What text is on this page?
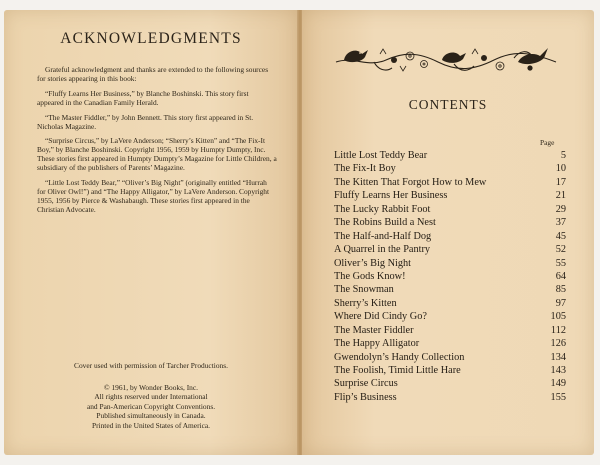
ACKNOWLEDGMENTS

Grateful acknowledgment and thanks are extended to the following sources for stories appearing in this book:

“Fluffy Learns Her Business,” by Blanche Boshinski. This story first appeared in the Canadian Family Herald.

“The Master Fiddler,” by John Bennett. This story first appeared in St. Nicholas Magazine.

“Surprise Circus,” by LaVere Anderson; “Sherry’s Kitten” and “The Fix-It Boy,” by Blanche Boshinski. Copyright 1956, 1959 by Humpty Dumpty, Inc. These stories first appeared in Humpty Dumpty’s Magazine for Little Children, a subsidiary of the publishers of Parents’ Magazine.

“Little Lost Teddy Bear,” “Oliver’s Big Night” (originally entitled “Hurrah for Oliver Owl!”) and “The Happy Alligator,” by LaVere Anderson. Copyright 1955, 1956 by Pierce & Washabaugh. These stories first appeared in the Christian Advocate.

Cover used with permission of Tarcher Productions.
© 1961, by Wonder Books, Inc.
All rights reserved under International
and Pan-American Copyright Conventions.
Published simultaneously in Canada.
Printed in the United States of America.
CONTENTS
Page
Little Lost Teddy Bear	5
The Fix-It Boy	10
The Kitten That Forgot How to Mew	17
Fluffy Learns Her Business	21
The Lucky Rabbit Foot	29
The Robins Build a Nest	37
The Half-and-Half Dog	45
A Quarrel in the Pantry	52
Oliver’s Big Night	55
The Gods Know!	64
The Snowman	85
Sherry’s Kitten	97
Where Did Cindy Go?	105
The Master Fiddler	112
The Happy Alligator	126
Gwendolyn’s Handy Collection	134
The Foolish, Timid Little Hare	143
Surprise Circus	149
Flip’s Business	155
